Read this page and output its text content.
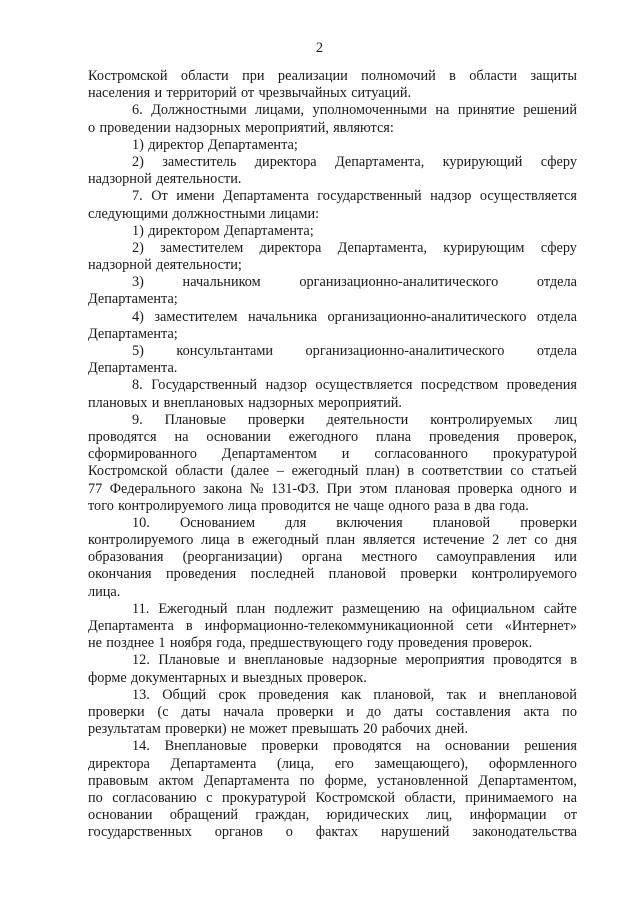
2
Костромской области при реализации полномочий в области защиты
населения и территорий от чрезвычайных ситуаций.
6. Должностными лицами, уполномоченными на принятие решений
о проведении надзорных мероприятий, являются:
1) директор Департамента;
2) заместитель директора Департамента, курирующий сферу
надзорной деятельности.
7. От имени Департамента государственный надзор осуществляется
следующими должностными лицами:
1) директором Департамента;
2) заместителем директора Департамента, курирующим сферу
надзорной деятельности;
3)	начальником	организационно-аналитического	отдела
Департамента;
4) заместителем начальника организационно-аналитического отдела
Департамента;
5) консультантами организационно-аналитического отдела
Департамента.
8. Государственный надзор осуществляется посредством проведения
плановых и внеплановых надзорных мероприятий.
9. Плановые проверки деятельности контролируемых лиц
проводятся на основании ежегодного плана проведения проверок,
сформированного Департаментом и согласованного прокуратурой
Костромской области (далее – ежегодный план) в соответствии со статьей
77 Федерального закона № 131-ФЗ. При этом плановая проверка одного и
того контролируемого лица проводится не чаще одного раза в два года.
10. Основанием для включения плановой проверки
контролируемого лица в ежегодный план является истечение 2 лет со дня
образования (реорганизации) органа местного самоуправления или
окончания проведения последней плановой проверки контролируемого
лица.
11. Ежегодный план подлежит размещению на официальном сайте
Департамента в информационно-телекоммуникационной сети «Интернет»
не позднее 1 ноября года, предшествующего году проведения проверок.
12. Плановые и внеплановые надзорные мероприятия проводятся в
форме документарных и выездных проверок.
13. Общий срок проведения как плановой, так и внеплановой
проверки (с даты начала проверки и до даты составления акта по
результатам проверки) не может превышать 20 рабочих дней.
14. Внеплановые проверки проводятся на основании решения
директора Департамента (лица, его замещающего), оформленного
правовым актом Департамента по форме, установленной Департаментом,
по согласованию с прокуратурой Костромской области, принимаемого на
основании обращений граждан, юридических лиц, информации от
государственных органов о фактах нарушений законодательства
